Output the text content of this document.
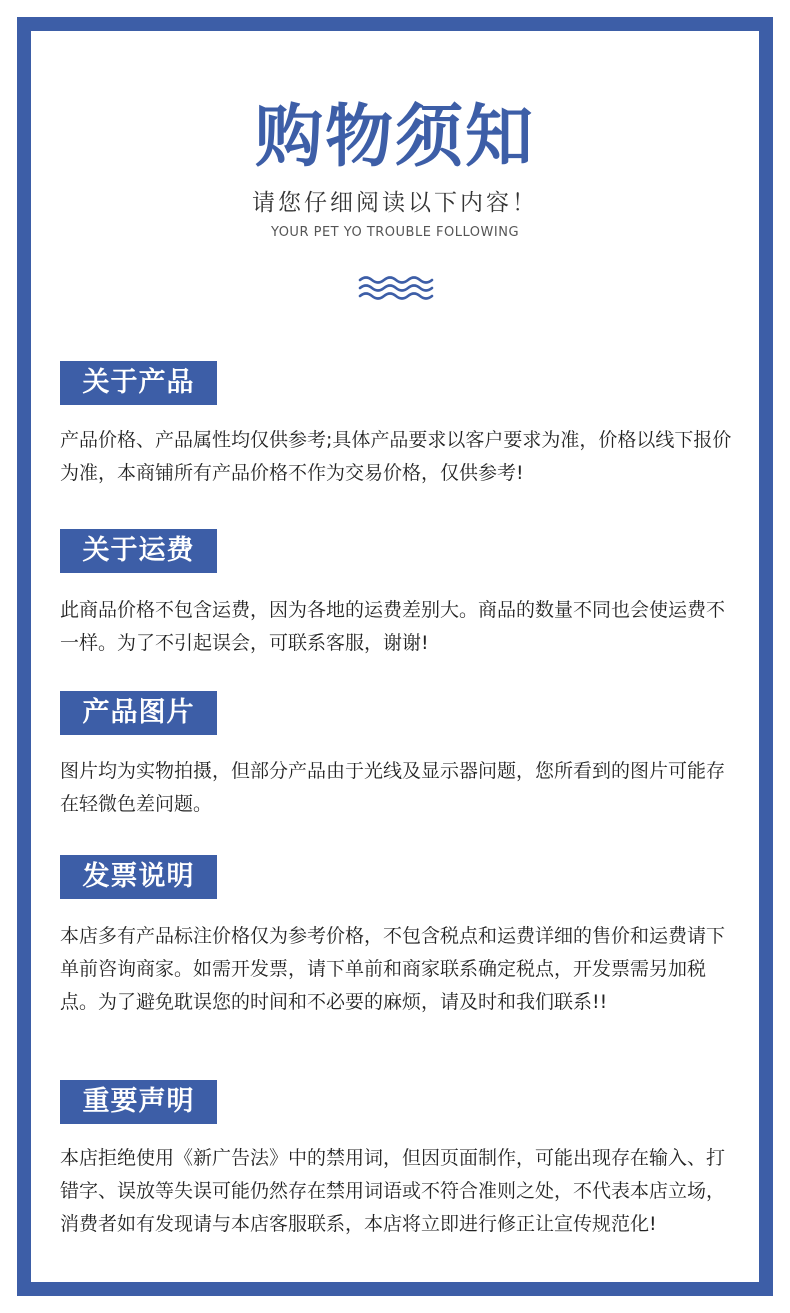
购物须知
请您仔细阅读以下内容！
YOUR PET YO TROUBLE FOLLOWING
关于产品
产品价格、产品属性均仅供参考;具体产品要求以客户要求为准，价格以线下报价为准，本商铺所有产品价格不作为交易价格，仅供参考!
关于运费
此商品价格不包含运费，因为各地的运费差别大。商品的数量不同也会使运费不一样。为了不引起误会，可联系客服，谢谢!
产品图片
图片均为实物拍摄，但部分产品由于光线及显示器问题，您所看到的图片可能存在轻微色差问题。
发票说明
本店多有产品标注价格仅为参考价格，不包含税点和运费详细的售价和运费请下单前咨询商家。如需开发票，请下单前和商家联系确定税点，开发票需另加税点。为了避免耽误您的时间和不必要的麻烦，请及时和我们联系!!
重要声明
本店拒绝使用《新广告法》中的禁用词，但因页面制作，可能出现存在输入、打错字、误放等失误可能仍然存在禁用词语或不符合准则之处，不代表本店立场，消费者如有发现请与本店客服联系，本店将立即进行修正让宣传规范化!
